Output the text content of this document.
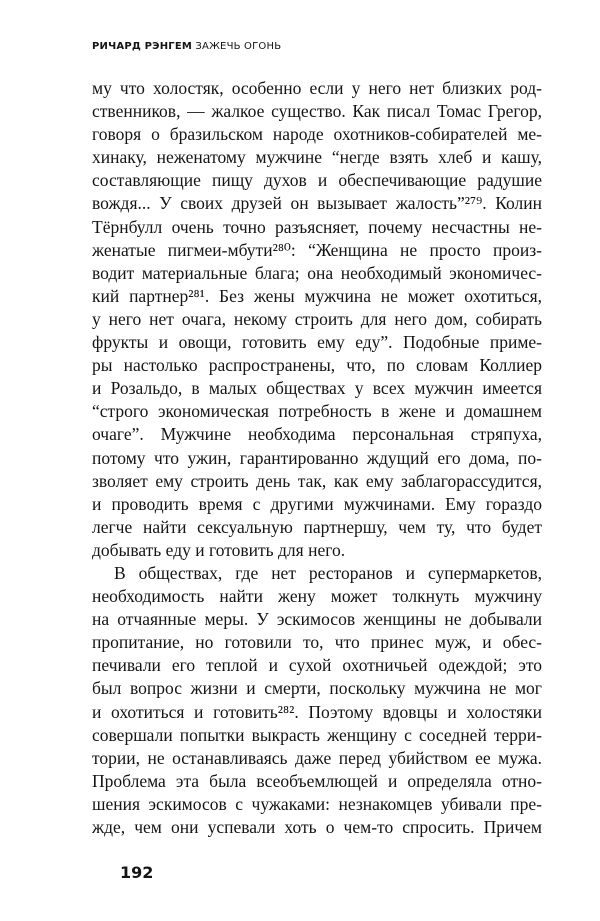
РИЧАРД РЭНГЕМ ЗАЖЕЧЬ ОГОНЬ
му что холостяк, особенно если у него нет близких род-
ственников, — жалкое существо. Как писал Томас Грегор,
говоря о бразильском народе охотников-собирателей ме-
хинаку, неженатому мужчине “негде взять хлеб и кашу,
составляющие пищу духов и обеспечивающие радушие
вождя... У своих друзей он вызывает жалость”²⁷⁹. Колин
Тёрнбулл очень точно разъясняет, почему несчастны не-
женатые пигмеи-мбути²⁸⁰: “Женщина не просто произ-
водит материальные блага; она необходимый экономичес-
кий партнер²⁸¹. Без жены мужчина не может охотиться,
у него нет очага, некому строить для него дом, собирать
фрукты и овощи, готовить ему еду”. Подобные приме-
ры настолько распространены, что, по словам Коллиер
и Розальдо, в малых обществах у всех мужчин имеется
“строго экономическая потребность в жене и домашнем
очаге”. Мужчине необходима персональная стряпуха,
потому что ужин, гарантированно ждущий его дома, по-
зволяет ему строить день так, как ему заблагорассудится,
и проводить время с другими мужчинами. Ему гораздо
легче найти сексуальную партнершу, чем ту, что будет
добывать еду и готовить для него.
В обществах, где нет ресторанов и супермаркетов,
необходимость найти жену может толкнуть мужчину
на отчаянные меры. У эскимосов женщины не добывали
пропитание, но готовили то, что принес муж, и обес-
печивали его теплой и сухой охотничьей одеждой; это
был вопрос жизни и смерти, поскольку мужчина не мог
и охотиться и готовить²⁸². Поэтому вдовцы и холостяки
совершали попытки выкрасть женщину с соседней терри-
тории, не останавливаясь даже перед убийством ее мужа.
Проблема эта была всеобъемлющей и определяла отно-
шения эскимосов с чужаками: незнакомцев убивали пре-
жде, чем они успевали хоть о чем-то спросить. Причем
192
